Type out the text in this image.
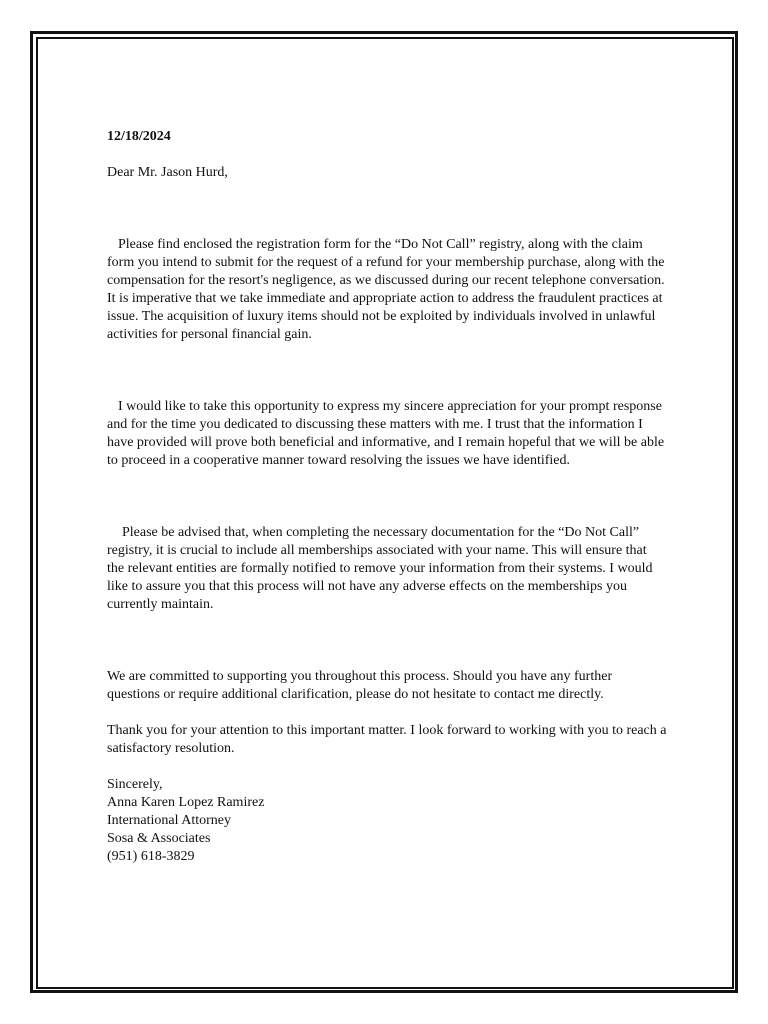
12/18/2024

Dear Mr. Jason Hurd,

Please find enclosed the registration form for the “Do Not Call” registry, along with the claim form you intend to submit for the request of a refund for your membership purchase, along with the compensation for the resort's negligence, as we discussed during our recent telephone conversation. It is imperative that we take immediate and appropriate action to address the fraudulent practices at issue. The acquisition of luxury items should not be exploited by individuals involved in unlawful activities for personal financial gain.

I would like to take this opportunity to express my sincere appreciation for your prompt response and for the time you dedicated to discussing these matters with me. I trust that the information I have provided will prove both beneficial and informative, and I remain hopeful that we will be able to proceed in a cooperative manner toward resolving the issues we have identified.

Please be advised that, when completing the necessary documentation for the “Do Not Call” registry, it is crucial to include all memberships associated with your name. This will ensure that the relevant entities are formally notified to remove your information from their systems. I would like to assure you that this process will not have any adverse effects on the memberships you currently maintain.

We are committed to supporting you throughout this process. Should you have any further questions or require additional clarification, please do not hesitate to contact me directly.

Thank you for your attention to this important matter. I look forward to working with you to reach a satisfactory resolution.

Sincerely,
Anna Karen Lopez Ramirez
International Attorney
Sosa & Associates
(951) 618-3829
